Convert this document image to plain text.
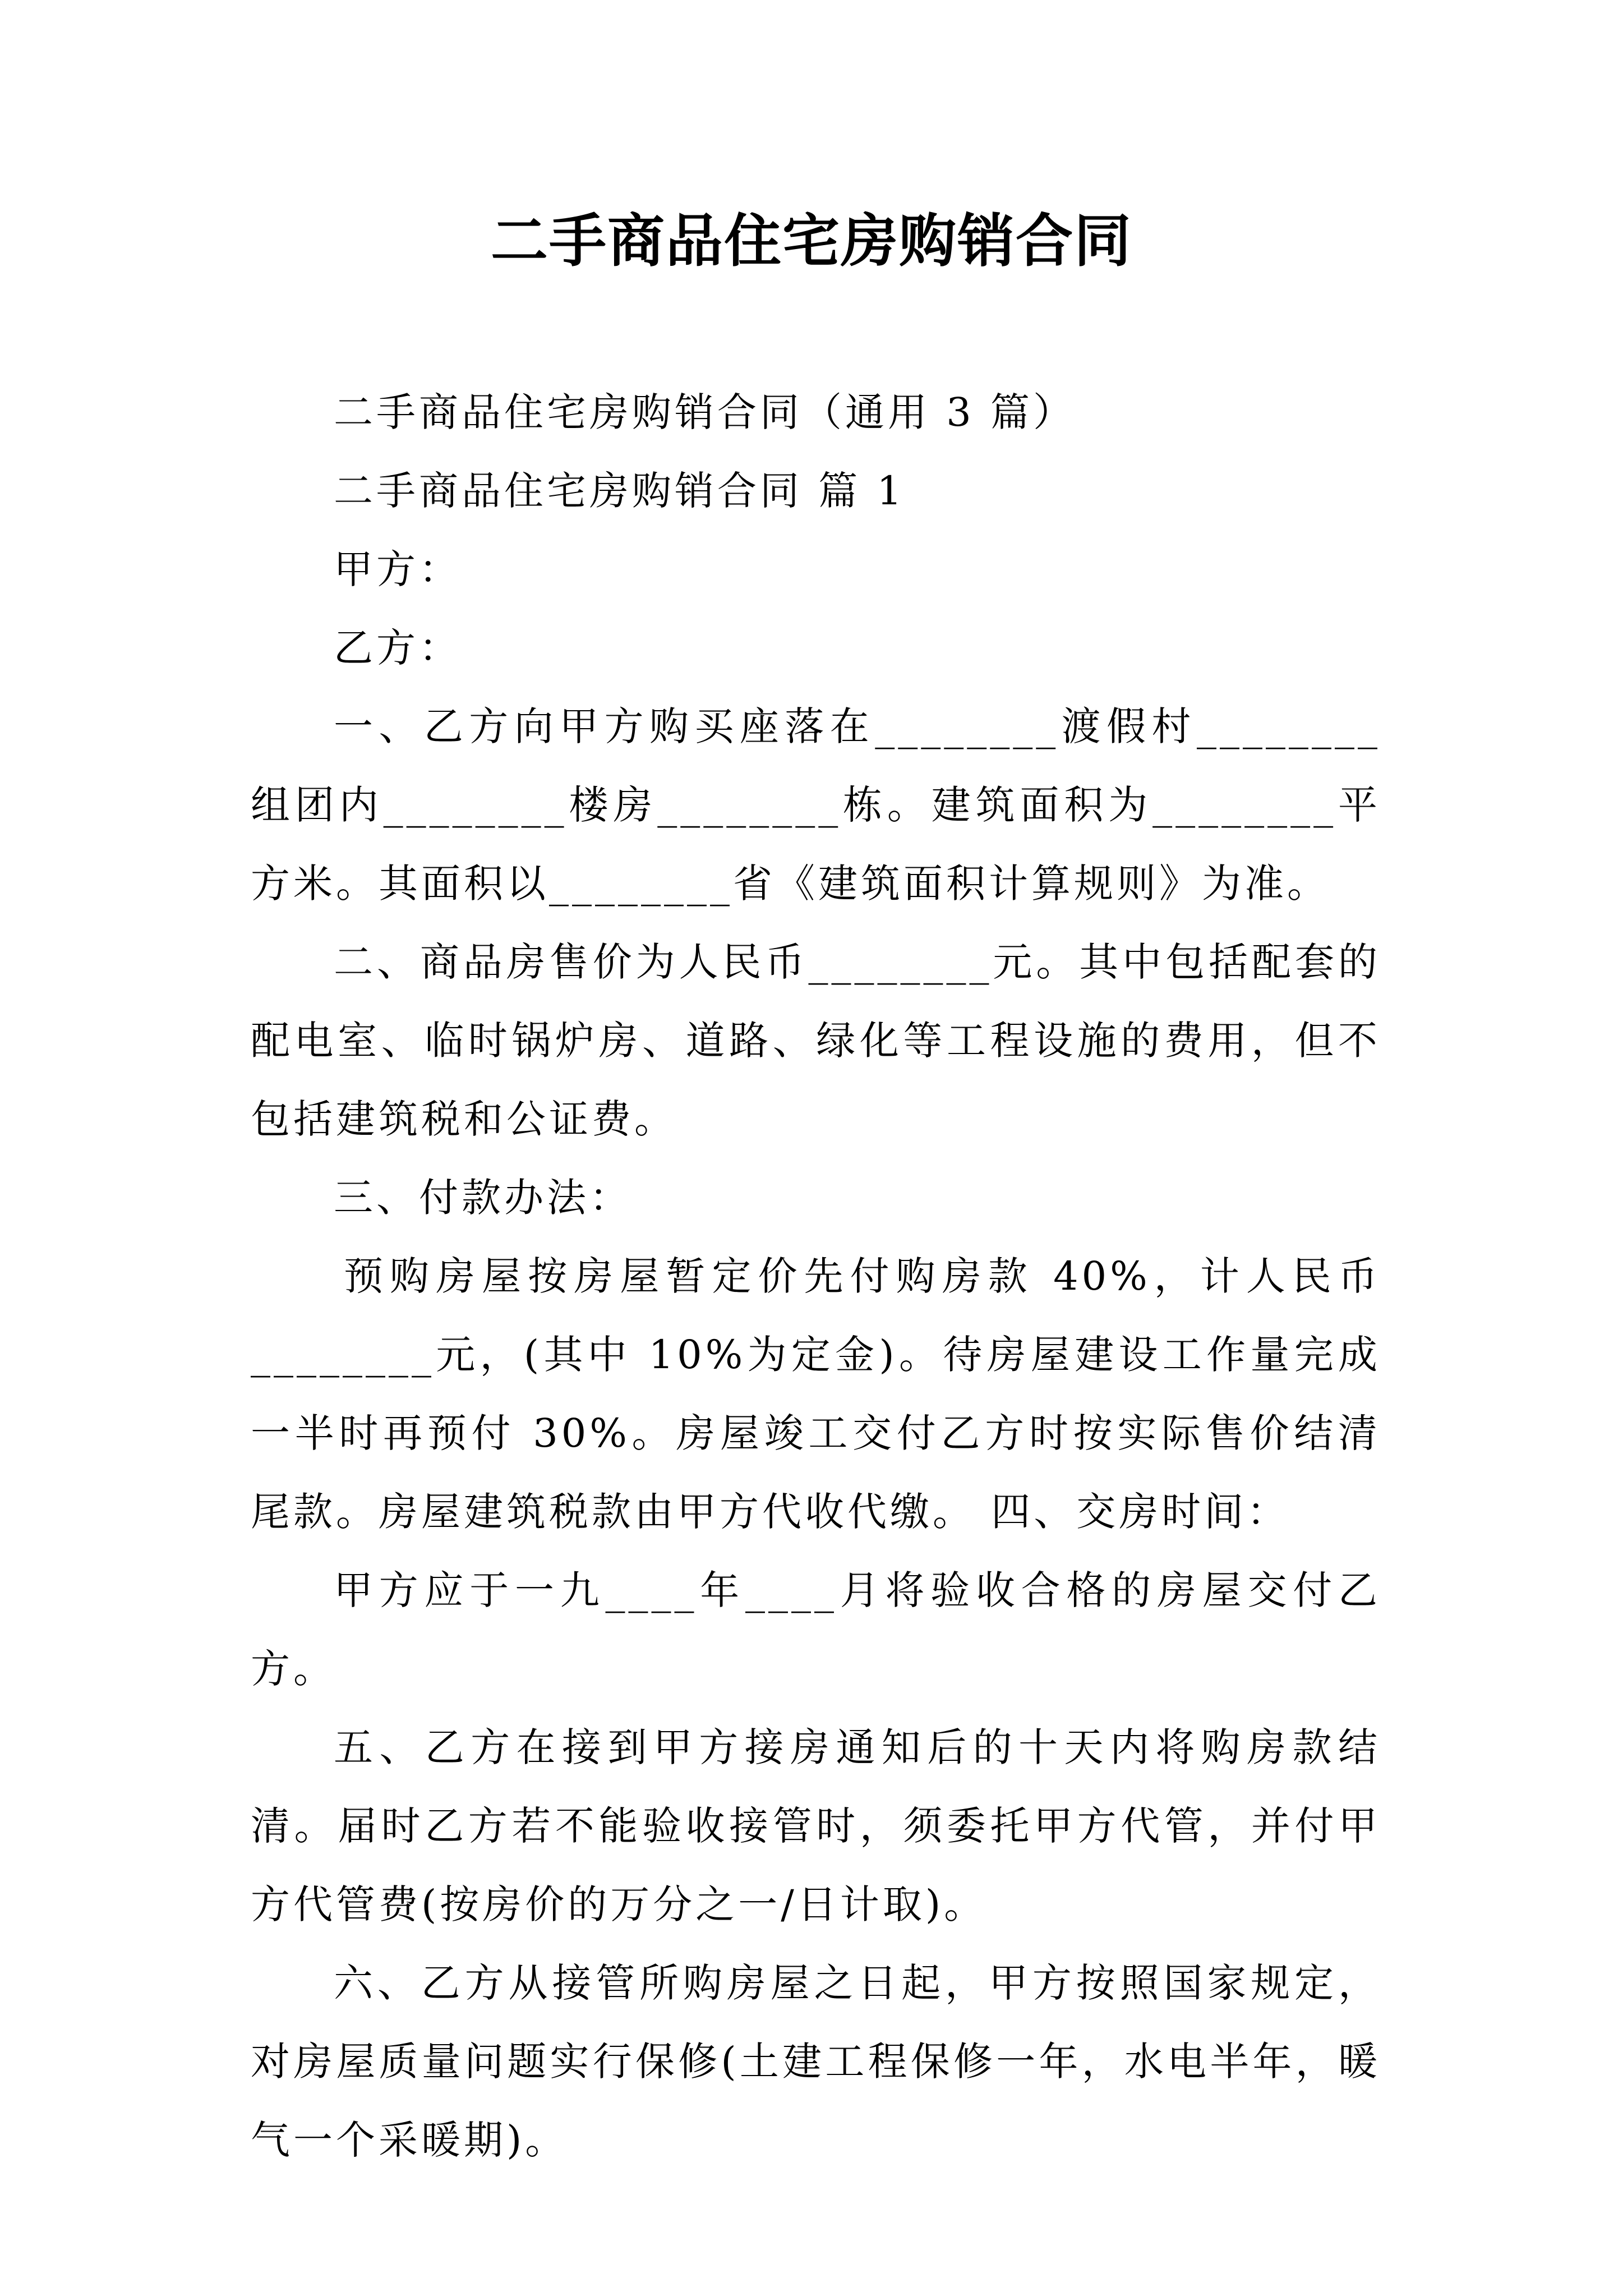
二手商品住宅房购销合同

二手商品住宅房购销合同（通用 3 篇）

二手商品住宅房购销合同 篇 1

甲方：

乙方：

一、乙方向甲方购买座落在________渡假村________组团内________楼房________栋。建筑面积为________平方米。其面积以________省《建筑面积计算规则》为准。

二、商品房售价为人民币________元。其中包括配套的配电室、临时锅炉房、道路、绿化等工程设施的费用，但不包括建筑税和公证费。

三、付款办法：

预购房屋按房屋暂定价先付购房款 40%，计人民币________元，(其中 10%为定金)。待房屋建设工作量完成一半时再预付 30%。房屋竣工交付乙方时按实际售价结清尾款。房屋建筑税款由甲方代收代缴。 四、交房时间：

甲方应于一九____年____月将验收合格的房屋交付乙方。

五、乙方在接到甲方接房通知后的十天内将购房款结清。届时乙方若不能验收接管时，须委托甲方代管，并付甲方代管费(按房价的万分之一/日计取)。

六、乙方从接管所购房屋之日起，甲方按照国家规定，对房屋质量问题实行保修(土建工程保修一年，水电半年，暖气一个采暖期)。
